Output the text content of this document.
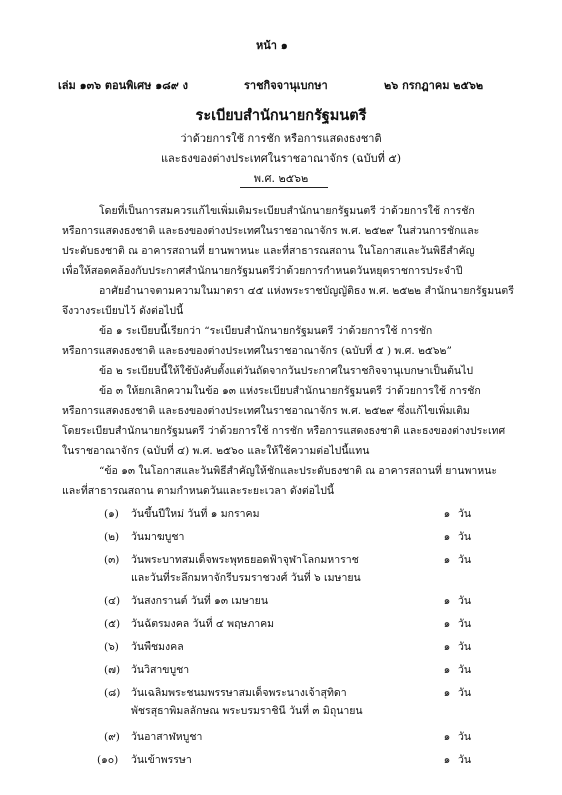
หน้า ๑
เล่ม ๑๓๖ ตอนพิเศษ ๑๘๙ ง	ราชกิจจานุเบกษา	๒๖ กรกฎาคม ๒๕๖๒
ระเบียบสำนักนายกรัฐมนตรี
ว่าด้วยการใช้ การชัก หรือการแสดงธงชาติ
และธงของต่างประเทศในราชอาณาจักร (ฉบับที่ ๕)
พ.ศ. ๒๕๖๒
โดยที่เป็นการสมควรแก้ไขเพิ่มเติมระเบียบสำนักนายกรัฐมนตรี ว่าด้วยการใช้ การชัก
หรือการแสดงธงชาติ และธงของต่างประเทศในราชอาณาจักร พ.ศ. ๒๕๒๙ ในส่วนการชักและ
ประดับธงชาติ ณ อาคารสถานที่ ยานพาหนะ และที่สาธารณสถาน ในโอกาสและวันพิธีสำคัญ
เพื่อให้สอดคล้องกับประกาศสำนักนายกรัฐมนตรีว่าด้วยการกำหนดวันหยุดราชการประจำปี
อาศัยอำนาจตามความในมาตรา ๔๕ แห่งพระราชบัญญัติธง พ.ศ. ๒๕๒๒ สำนักนายกรัฐมนตรี
จึงวางระเบียบไว้ ดังต่อไปนี้
ข้อ ๑ ระเบียบนี้เรียกว่า “ระเบียบสำนักนายกรัฐมนตรี ว่าด้วยการใช้ การชัก
หรือการแสดงธงชาติ และธงของต่างประเทศในราชอาณาจักร (ฉบับที่ ๕ ) พ.ศ. ๒๕๖๒”
ข้อ ๒ ระเบียบนี้ให้ใช้บังคับตั้งแต่วันถัดจากวันประกาศในราชกิจจานุเบกษาเป็นต้นไป
ข้อ ๓ ให้ยกเลิกความในข้อ ๑๓ แห่งระเบียบสำนักนายกรัฐมนตรี ว่าด้วยการใช้ การชัก
หรือการแสดงธงชาติ และธงของต่างประเทศในราชอาณาจักร พ.ศ. ๒๕๒๙ ซึ่งแก้ไขเพิ่มเติม
โดยระเบียบสำนักนายกรัฐมนตรี ว่าด้วยการใช้ การชัก หรือการแสดงธงชาติ และธงของต่างประเทศ
ในราชอาณาจักร (ฉบับที่ ๔) พ.ศ. ๒๕๖๐ และให้ใช้ความต่อไปนี้แทน
“ข้อ ๑๓ ในโอกาสและวันพิธีสำคัญให้ชักและประดับธงชาติ ณ อาคารสถานที่ ยานพาหนะ
และที่สาธารณสถาน ตามกำหนดวันและระยะเวลา ดังต่อไปนี้
(๑) วันขึ้นปีใหม่ วันที่ ๑ มกราคม	๑ วัน
(๒) วันมาฆบูชา	๑ วัน
(๓) วันพระบาทสมเด็จพระพุทธยอดฟ้าจุฬาโลกมหาราช
และวันที่ระลึกมหาจักรีบรมราชวงศ์ วันที่ ๖ เมษายน
๑ วัน
(๔) วันสงกรานต์ วันที่ ๑๓ เมษายน	๑ วัน
(๕) วันฉัตรมงคล วันที่ ๔ พฤษภาคม	๑ วัน
(๖) วันพืชมงคล	๑ วัน
(๗) วันวิสาขบูชา	๑ วัน
(๘) วันเฉลิมพระชนมพรรษาสมเด็จพระนางเจ้าสุทิดา
พัชรสุธาพิมลลักษณ พระบรมราชินี วันที่ ๓ มิถุนายน
๑ วัน
(๙) วันอาสาฬหบูชา	๑ วัน
(๑๐) วันเข้าพรรษา	๑ วัน
